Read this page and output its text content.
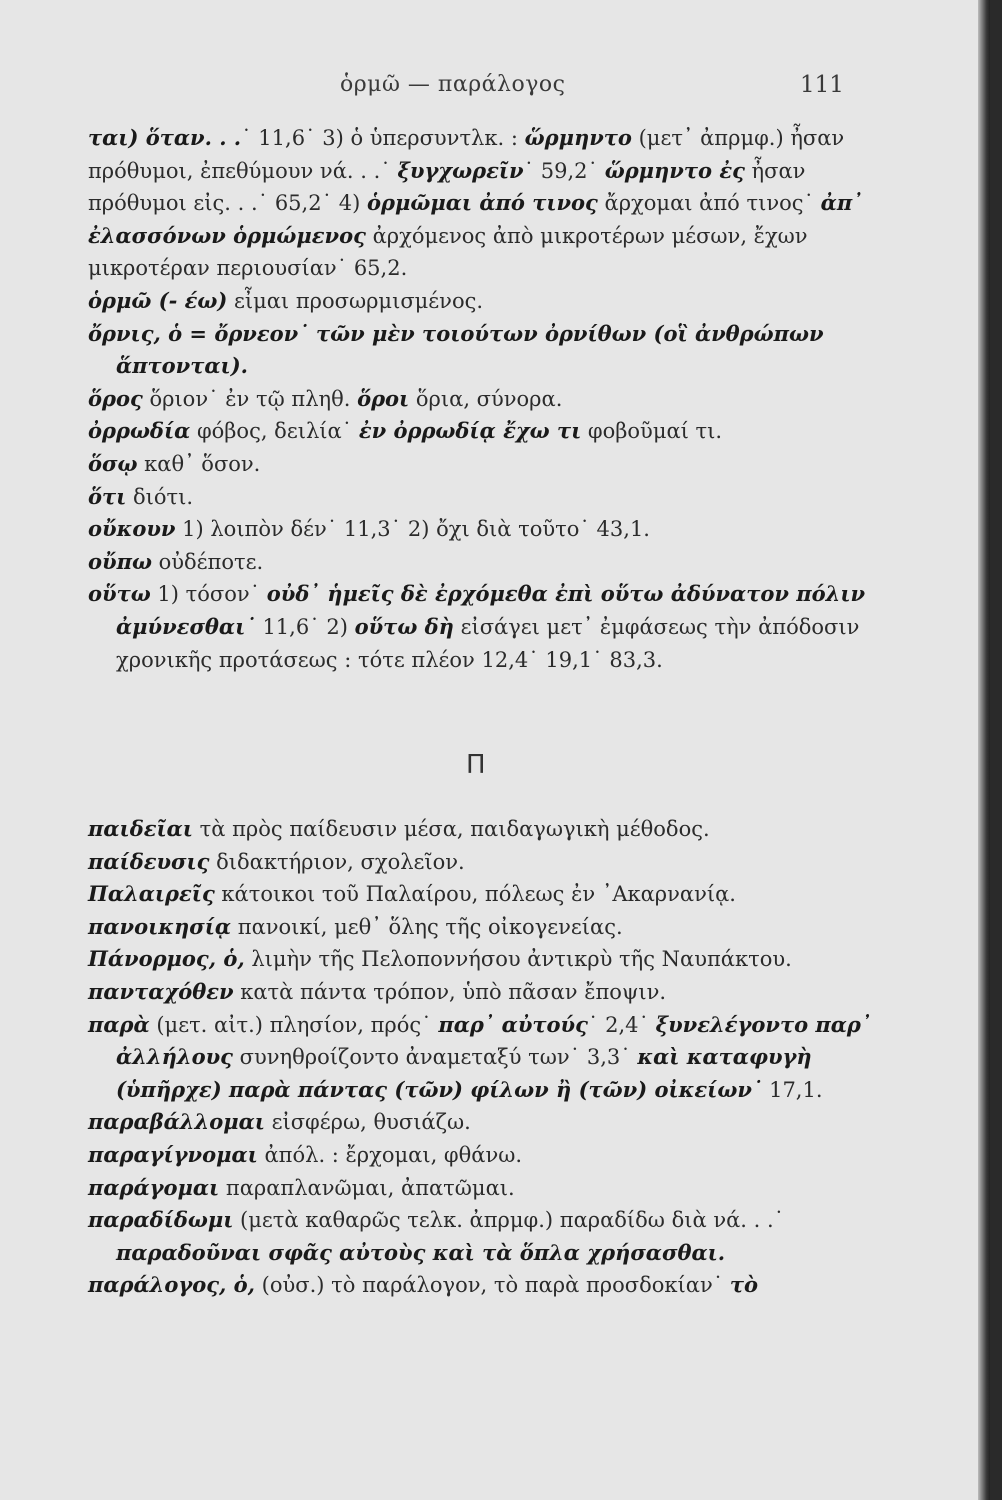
ὁρμῶ — παράλογος	111

ται) ὅταν. . .˙ 11,6˙ 3) ὁ ὑπερσυντλκ. : ὥρμηντο (μετ᾽ ἀπρμφ.) ἦσαν πρόθυμοι, ἐπεθύμουν νά. . .˙ ξυγχωρεῖν˙ 59,2˙ ὥρμηντο ἐς ἦσαν πρόθυμοι εἰς. . .˙ 65,2˙ 4) ὁρμῶμαι ἀπό τινος ἄρχομαι ἀπό τινος˙ ἀπ᾽ ἐλασσόνων ὁρμώμενος ἀρχόμενος ἀπὸ μικροτέρων μέσων, ἔχων μικροτέραν περιουσίαν˙ 65,2.

ὁρμῶ (- έω) εἶμαι προσωρμισμένος.

ὄρνις, ὁ = ὄρνεον˙ τῶν μὲν τοιούτων ὀρνίθων (οἳ ἀνθρώπων ἅπτονται).

ὅρος ὅριον˙ ἐν τῷ πληθ. ὅροι ὅρια, σύνορα.

ὀρρωδία φόβος, δειλία˙ ἐν ὀρρωδίᾳ ἔχω τι φοβοῦμαί τι.

ὅσῳ καθ᾽ ὅσον.

ὅτι διότι.

οὔκουν 1) λοιπὸν δέν˙ 11,3˙ 2) ὄχι διὰ τοῦτο˙ 43,1.

οὔπω οὐδέποτε.

οὕτω 1) τόσον˙ οὐδ᾽ ἡμεῖς δὲ ἐρχόμεθα ἐπὶ οὕτω ἀδύνατον πόλιν ἀμύνεσθαι˙ 11,6˙ 2) οὕτω δὴ εἰσάγει μετ᾽ ἐμφάσεως τὴν ἀπόδοσιν χρονικῆς προτάσεως : τότε πλέον 12,4˙ 19,1˙ 83,3.

Π

παιδεῖαι τὰ πρὸς παίδευσιν μέσα, παιδαγωγικὴ μέθοδος.

παίδευσις διδακτήριον, σχολεῖον.

Παλαιρεῖς κάτοικοι τοῦ Παλαίρου, πόλεως ἐν ᾽Ακαρνανίᾳ.

πανοικησίᾳ πανοικί, μεθ᾽ ὅλης τῆς οἰκογενείας.

Πάνορμος, ὁ, λιμὴν τῆς Πελοποννήσου ἀντικρὺ τῆς Ναυπάκτου.

πανταχόθεν κατὰ πάντα τρόπον, ὑπὸ πᾶσαν ἔποψιν.

παρὰ (μετ. αἰτ.) πλησίον, πρός˙ παρ᾽ αὐτούς˙ 2,4˙ ξυνελέγοντο παρ᾽ ἀλλήλους συνηθροίζοντο ἀναμεταξύ των˙ 3,3˙ καὶ καταφυγὴ (ὑπῆρχε) παρὰ πάντας (τῶν) φίλων ἢ (τῶν) οἰκείων˙ 17,1.

παραβάλλομαι εἰσφέρω, θυσιάζω.

παραγίγνομαι ἀπόλ. : ἔρχομαι, φθάνω.

παράγομαι παραπλανῶμαι, ἀπατῶμαι.

παραδίδωμι (μετὰ καθαρῶς τελκ. ἀπρμφ.) παραδίδω διὰ νά. . .˙ παραδοῦναι σφᾶς αὐτοὺς καὶ τὰ ὅπλα χρήσασθαι.

παράλογος, ὁ, (οὐσ.) τὸ παράλογον, τὸ παρὰ προσδοκίαν˙ τὸ
